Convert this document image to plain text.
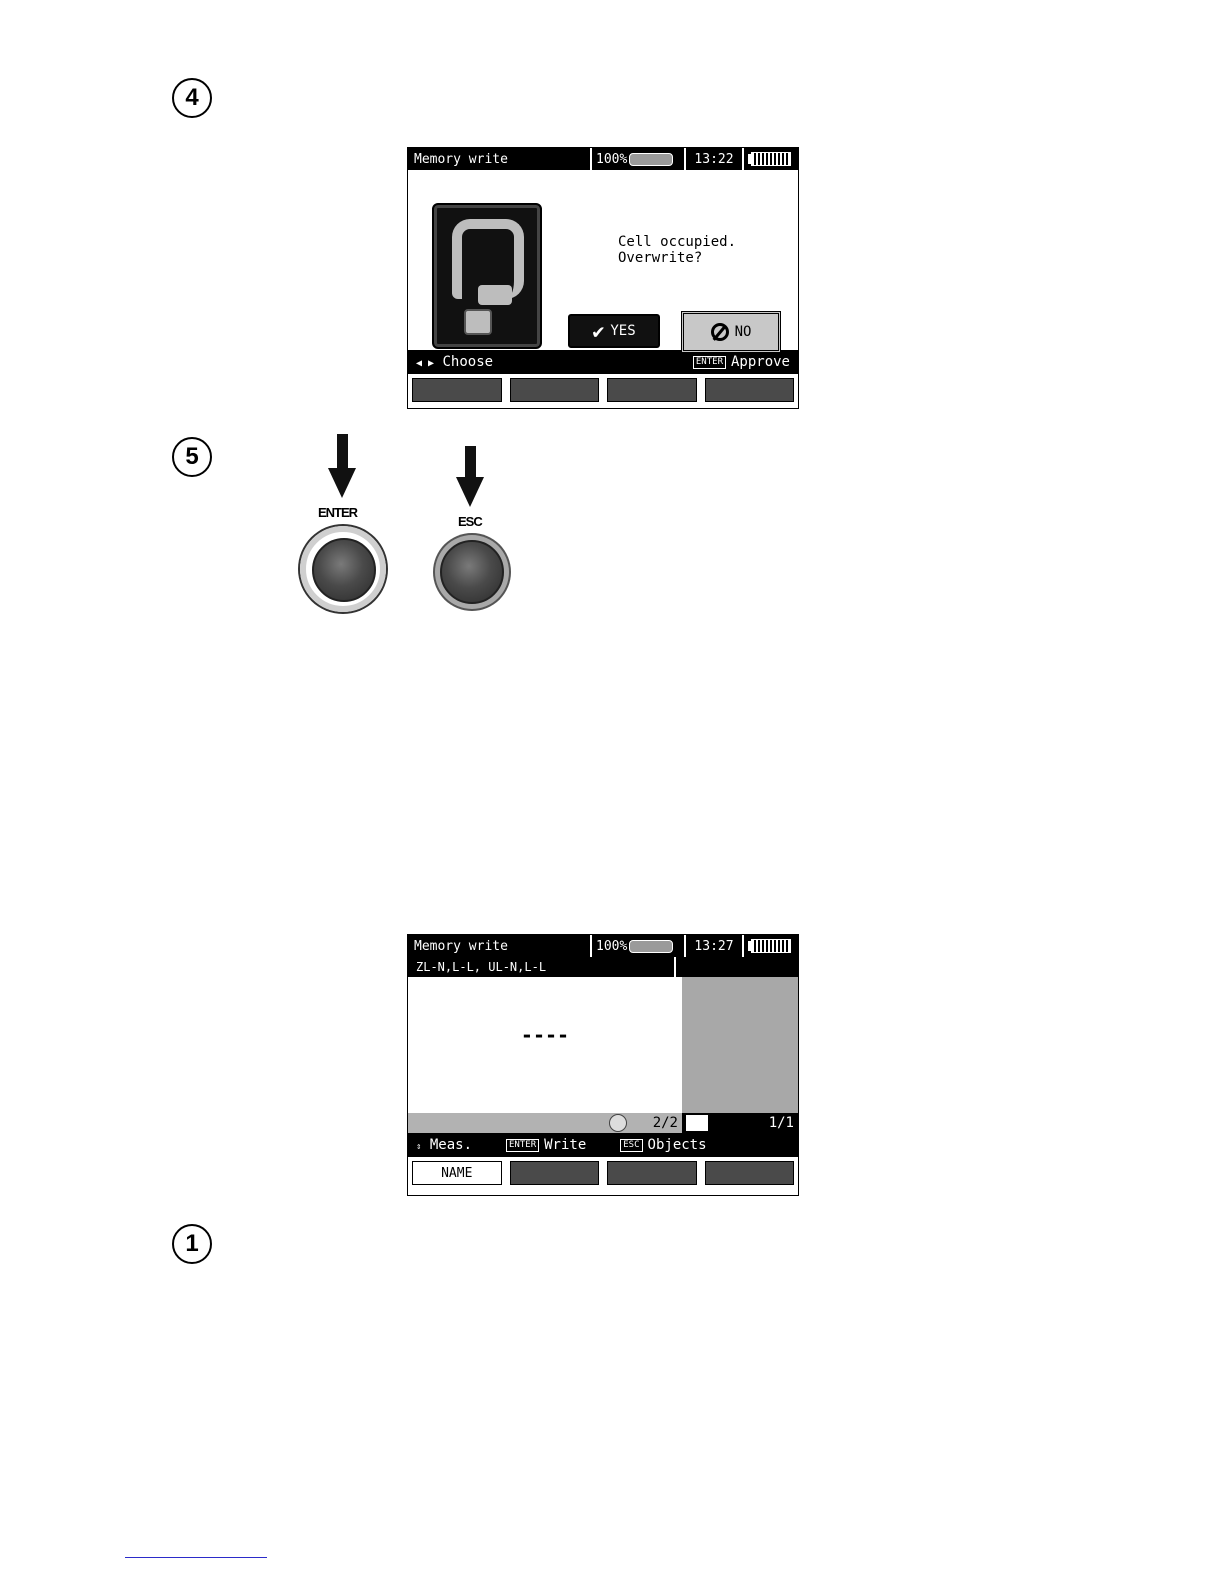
4
Memory write	100%	13:22
Cell occupied.
Overwrite?
✔ YES	NO
◀ ▶ Choose	ENTER Approve
5
ENTER
ESC
Memory write	100%	13:27
ZL-N,L-L, UL-N,L-L
----
2/2	1/1
⇕ Meas.	ENTER Write	ESC Objects
NAME
1
